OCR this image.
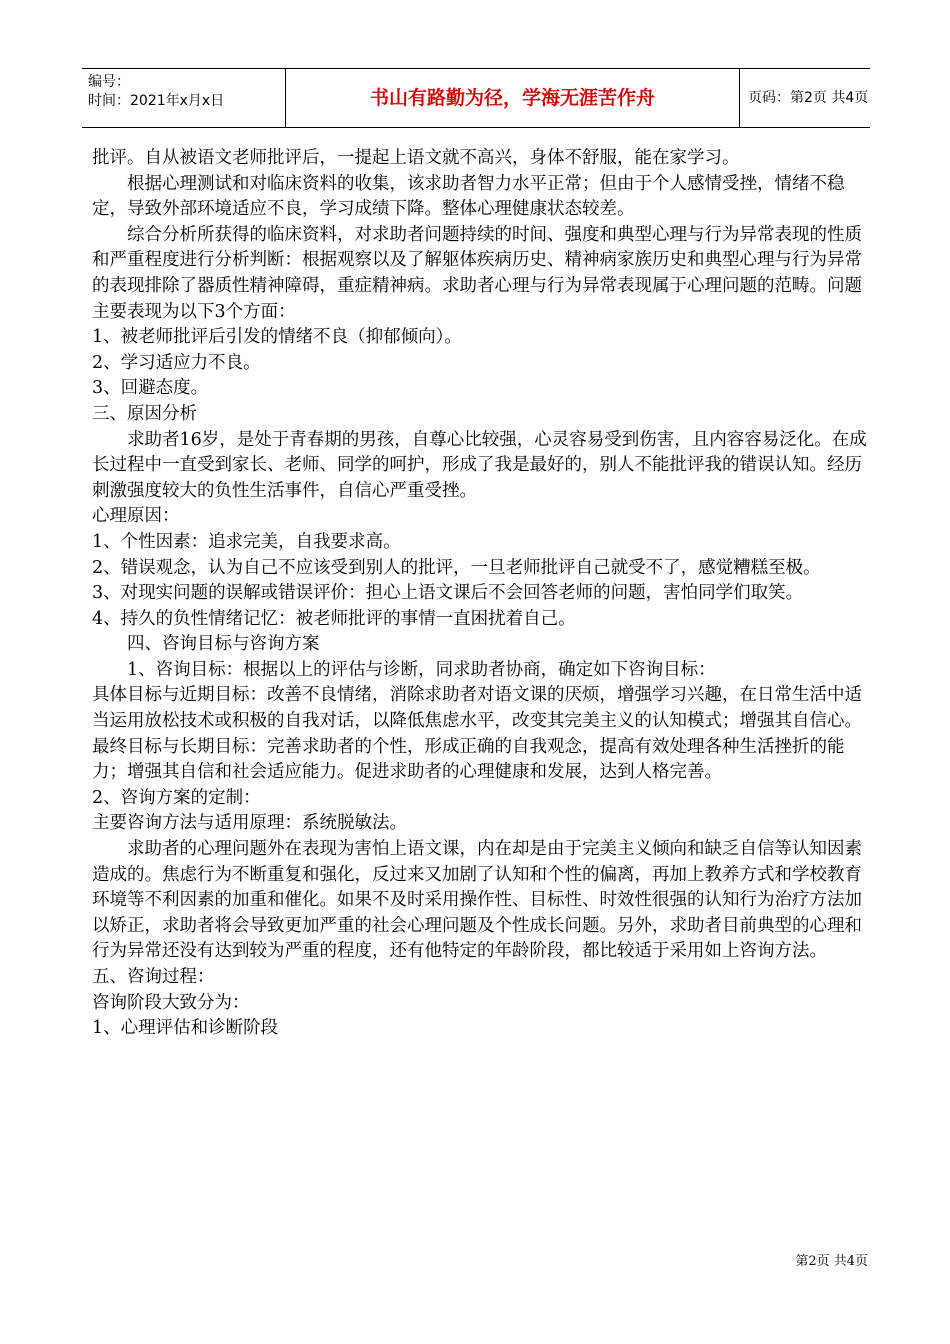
编号：
时间：2021年x月x日	书山有路勤为径，学海无涯苦作舟	页码：第2页 共4页

批评。自从被语文老师批评后，一提起上语文就不高兴，身体不舒服，能在家学习。

根据心理测试和对临床资料的收集，该求助者智力水平正常；但由于个人感情受挫，情绪不稳定，导致外部环境适应不良，学习成绩下降。整体心理健康状态较差。

综合分析所获得的临床资料，对求助者问题持续的时间、强度和典型心理与行为异常表现的性质和严重程度进行分析判断：根据观察以及了解躯体疾病历史、精神病家族历史和典型心理与行为异常的表现排除了器质性精神障碍，重症精神病。求助者心理与行为异常表现属于心理问题的范畴。问题主要表现为以下3个方面：

1、被老师批评后引发的情绪不良（抑郁倾向）。

2、学习适应力不良。

3、回避态度。

三、原因分析

求助者16岁，是处于青春期的男孩，自尊心比较强，心灵容易受到伤害，且内容容易泛化。在成长过程中一直受到家长、老师、同学的呵护，形成了我是最好的，别人不能批评我的错误认知。经历刺激强度较大的负性生活事件，自信心严重受挫。

心理原因：

1、个性因素：追求完美，自我要求高。

2、错误观念，认为自己不应该受到别人的批评，一旦老师批评自己就受不了，感觉糟糕至极。

3、对现实问题的误解或错误评价：担心上语文课后不会回答老师的问题，害怕同学们取笑。

4、持久的负性情绪记忆：被老师批评的事情一直困扰着自己。

四、咨询目标与咨询方案

1、咨询目标：根据以上的评估与诊断，同求助者协商，确定如下咨询目标：

具体目标与近期目标：改善不良情绪，消除求助者对语文课的厌烦，增强学习兴趣，在日常生活中适当运用放松技术或积极的自我对话，以降低焦虑水平，改变其完美主义的认知模式；增强其自信心。

最终目标与长期目标：完善求助者的个性，形成正确的自我观念，提高有效处理各种生活挫折的能力；增强其自信和社会适应能力。促进求助者的心理健康和发展，达到人格完善。

2、咨询方案的定制：

主要咨询方法与适用原理：系统脱敏法。

求助者的心理问题外在表现为害怕上语文课，内在却是由于完美主义倾向和缺乏自信等认知因素造成的。焦虑行为不断重复和强化，反过来又加剧了认知和个性的偏离，再加上教养方式和学校教育环境等不利因素的加重和催化。如果不及时采用操作性、目标性、时效性很强的认知行为治疗方法加以矫正，求助者将会导致更加严重的社会心理问题及个性成长问题。另外，求助者目前典型的心理和行为异常还没有达到较为严重的程度，还有他特定的年龄阶段，都比较适于采用如上咨询方法。

五、咨询过程：

咨询阶段大致分为：

1、心理评估和诊断阶段

第2页 共4页
